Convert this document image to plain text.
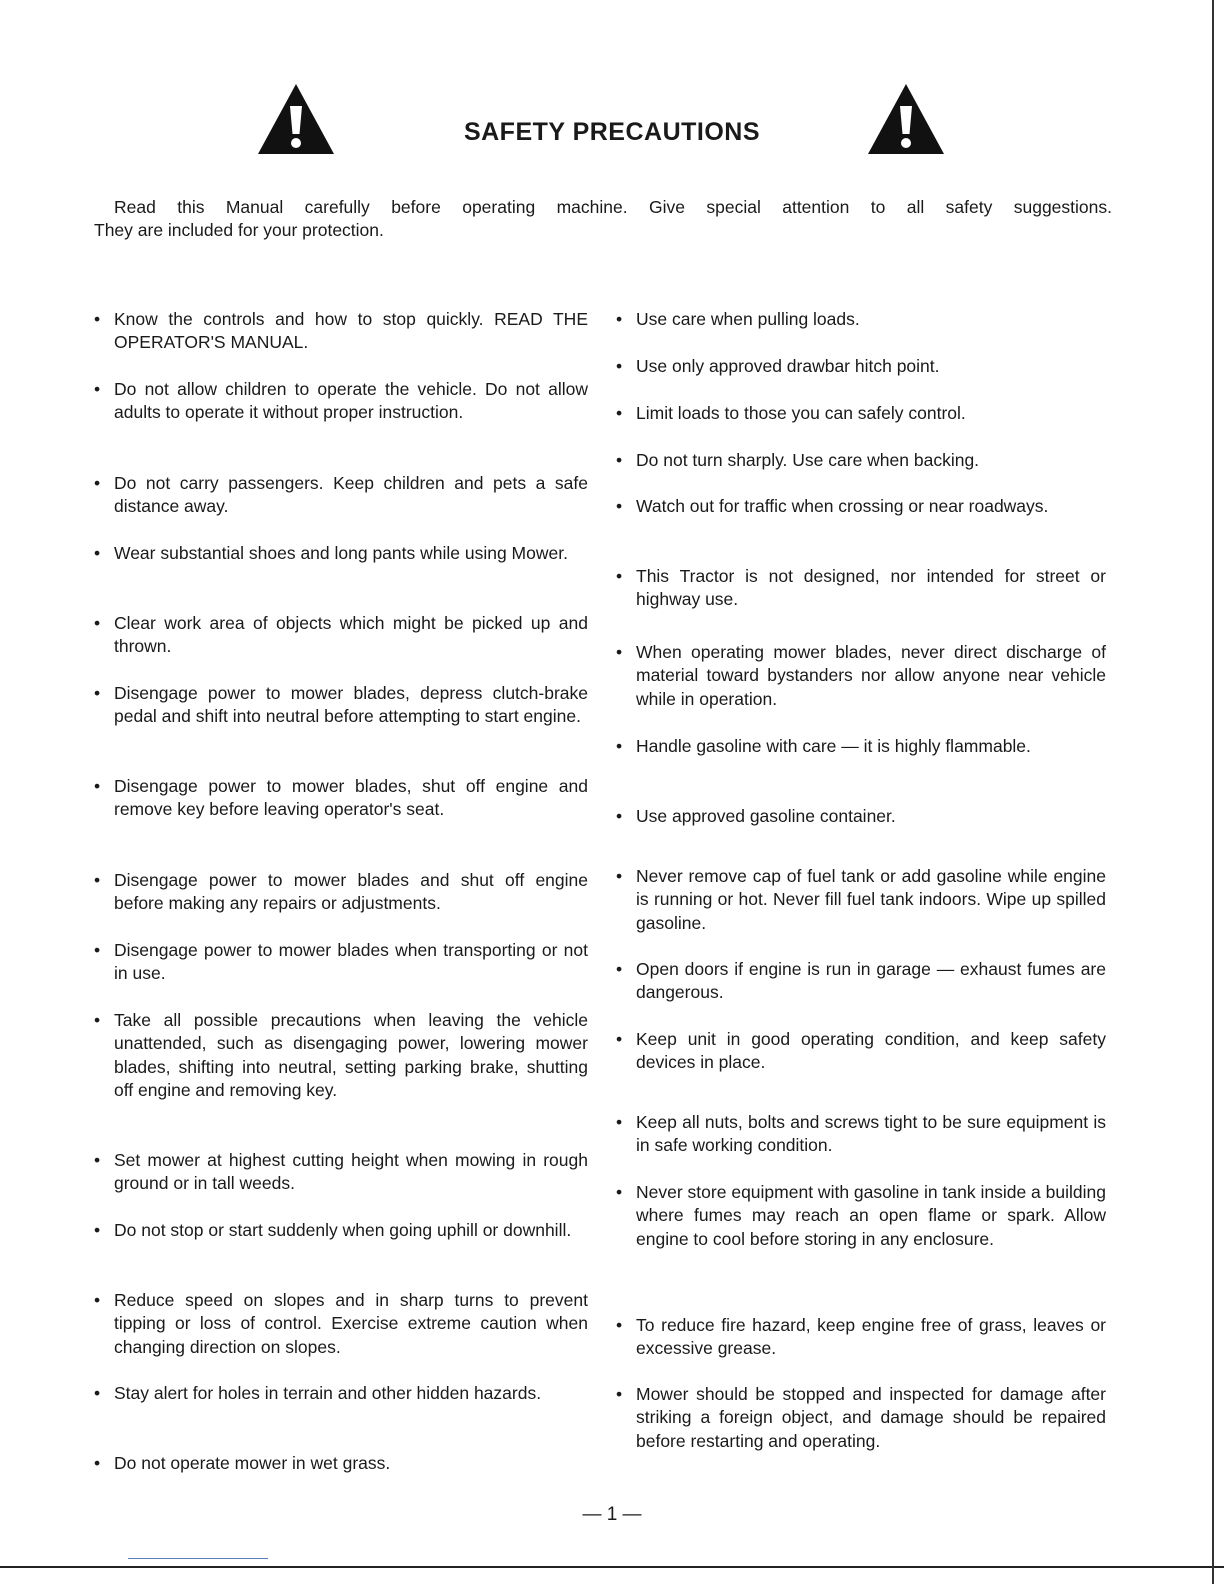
SAFETY PRECAUTIONS
Read this Manual carefully before operating machine. Give special attention to all safety suggestions.
They are included for your protection.
• Know the controls and how to stop quickly. READ THE OPERATOR'S MANUAL.
• Do not allow children to operate the vehicle. Do not allow adults to operate it without proper instruction.
• Do not carry passengers. Keep children and pets a safe distance away.
• Wear substantial shoes and long pants while using Mower.
• Clear work area of objects which might be picked up and thrown.
• Disengage power to mower blades, depress clutch-brake pedal and shift into neutral before attempting to start engine.
• Disengage power to mower blades, shut off engine and remove key before leaving operator's seat.
• Disengage power to mower blades and shut off engine before making any repairs or adjustments.
• Disengage power to mower blades when transporting or not in use.
• Take all possible precautions when leaving the vehicle unattended, such as disengaging power, lowering mower blades, shifting into neutral, setting parking brake, shutting off engine and removing key.
• Set mower at highest cutting height when mowing in rough ground or in tall weeds.
• Do not stop or start suddenly when going uphill or downhill.
• Reduce speed on slopes and in sharp turns to prevent tipping or loss of control. Exercise extreme caution when changing direction on slopes.
• Stay alert for holes in terrain and other hidden hazards.
• Do not operate mower in wet grass.
• Use care when pulling loads.
• Use only approved drawbar hitch point.
• Limit loads to those you can safely control.
• Do not turn sharply. Use care when backing.
• Watch out for traffic when crossing or near roadways.
• This Tractor is not designed, nor intended for street or highway use.
• When operating mower blades, never direct discharge of material toward bystanders nor allow anyone near vehicle while in operation.
• Handle gasoline with care — it is highly flammable.
• Use approved gasoline container.
• Never remove cap of fuel tank or add gasoline while engine is running or hot. Never fill fuel tank indoors. Wipe up spilled gasoline.
• Open doors if engine is run in garage — exhaust fumes are dangerous.
• Keep unit in good operating condition, and keep safety devices in place.
• Keep all nuts, bolts and screws tight to be sure equipment is in safe working condition.
• Never store equipment with gasoline in tank inside a building where fumes may reach an open flame or spark. Allow engine to cool before storing in any enclosure.
• To reduce fire hazard, keep engine free of grass, leaves or excessive grease.
• Mower should be stopped and inspected for damage after striking a foreign object, and damage should be repaired before restarting and operating.
— 1 —
